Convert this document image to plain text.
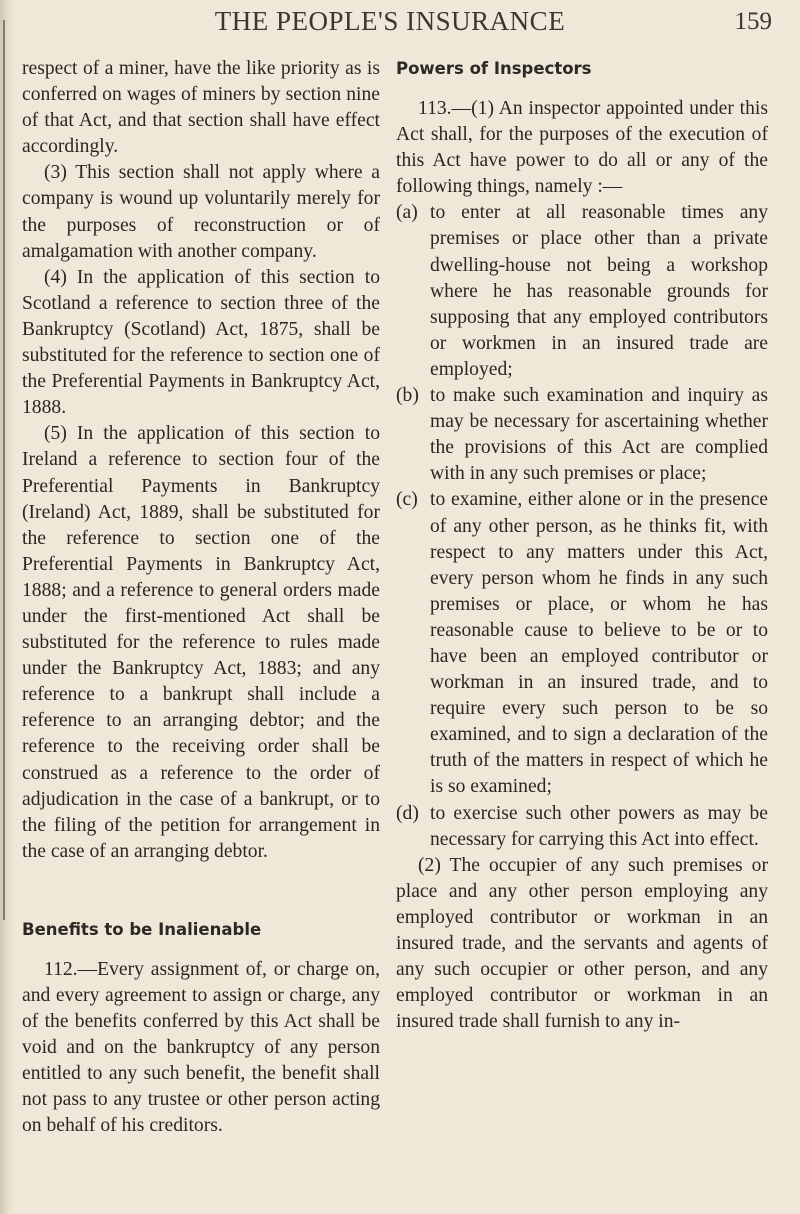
THE PEOPLE'S INSURANCE	159

respect of a miner, have the like priority as is conferred on wages of miners by section nine of that Act, and that section shall have effect accordingly.

(3) This section shall not apply where a company is wound up voluntarily merely for the purposes of reconstruction or of amalgamation with another company.

(4) In the application of this section to Scotland a reference to section three of the Bankruptcy (Scotland) Act, 1875, shall be substituted for the reference to section one of the Preferential Payments in Bankruptcy Act, 1888.

(5) In the application of this section to Ireland a reference to section four of the Preferential Payments in Bankruptcy (Ireland) Act, 1889, shall be substituted for the reference to section one of the Preferential Payments in Bankruptcy Act, 1888; and a reference to general orders made under the first-mentioned Act shall be substituted for the reference to rules made under the Bankruptcy Act, 1883; and any reference to a bankrupt shall include a reference to an arranging debtor; and the reference to the receiving order shall be construed as a reference to the order of adjudication in the case of a bankrupt, or to the filing of the petition for arrangement in the case of an arranging debtor.

Benefits to be Inalienable

112.—Every assignment of, or charge on, and every agreement to assign or charge, any of the benefits conferred by this Act shall be void and on the bankruptcy of any person entitled to any such benefit, the benefit shall not pass to any trustee or other person acting on behalf of his creditors.

Powers of Inspectors

113.—(1) An inspector appointed under this Act shall, for the purposes of the execution of this Act have power to do all or any of the following things, namely :—

(a) to enter at all reasonable times any premises or place other than a private dwelling-house not being a workshop where he has reasonable grounds for supposing that any employed contributors or workmen in an insured trade are employed;
(b) to make such examination and inquiry as may be necessary for ascertaining whether the provisions of this Act are complied with in any such premises or place;
(c) to examine, either alone or in the presence of any other person, as he thinks fit, with respect to any matters under this Act, every person whom he finds in any such premises or place, or whom he has reasonable cause to believe to be or to have been an employed contributor or workman in an insured trade, and to require every such person to be so examined, and to sign a declaration of the truth of the matters in respect of which he is so examined;
(d) to exercise such other powers as may be necessary for carrying this Act into effect.

(2) The occupier of any such premises or place and any other person employing any employed contributor or workman in an insured trade, and the servants and agents of any such occupier or other person, and any employed contributor or workman in an insured trade shall furnish to any in-
